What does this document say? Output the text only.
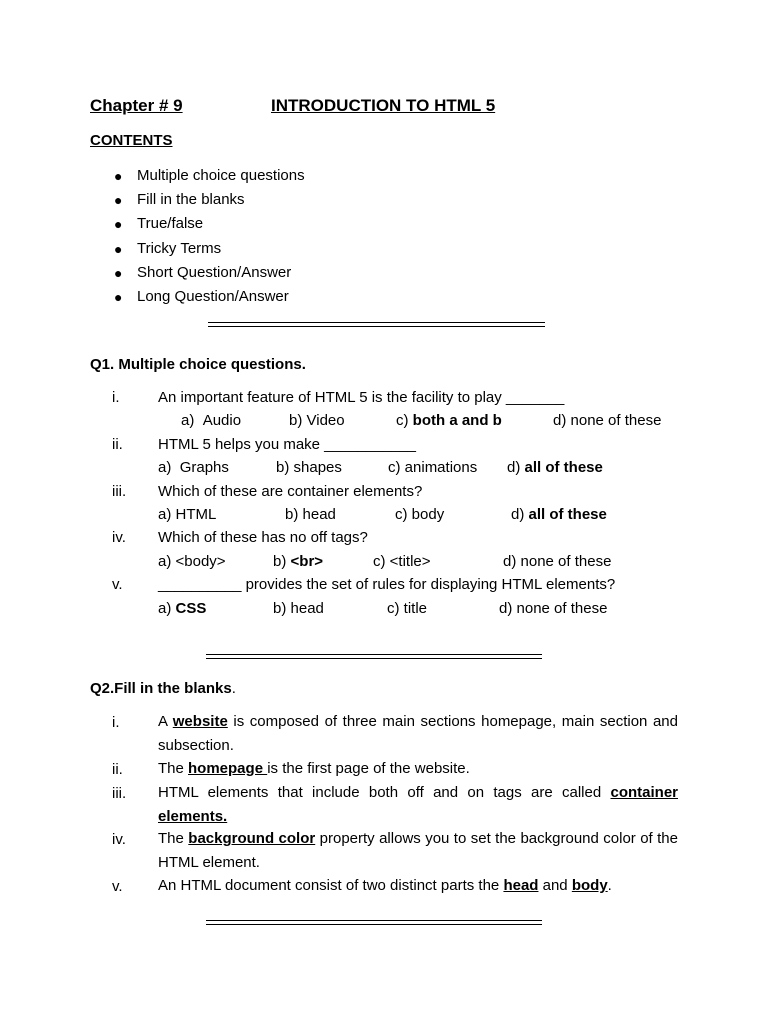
Chapter # 9	INTRODUCTION TO HTML 5
CONTENTS
● Multiple choice questions
● Fill in the blanks
● True/false
● Tricky Terms
● Short Question/Answer
● Long Question/Answer
Q1. Multiple choice questions.
i.	An important feature of HTML 5 is the facility to play _______
a) Audio	b) Video	c) both a and b	d) none of these
ii. HTML 5 helps you make ___________
a) Graphs	b) shapes	c) animations d) all of these
iii. Which of these are container elements?
a) HTML	b) head	c) body	d) all of these
iv. Which of these has no off tags?
a) <body>	b) <br>	c) <title>	d) none of these
v. __________ provides the set of rules for displaying HTML elements?
a) CSS	b) head	c) title	d) none of these
Q2.Fill in the blanks.
i.	A website is composed of three main sections homepage, main section and subsection.
ii. The homepage is the first page of the website.
iii. HTML elements that include both off and on tags are called container elements.
iv. The background color property allows you to set the background color of the HTML element.
v. An HTML document consist of two distinct parts the head and body.
